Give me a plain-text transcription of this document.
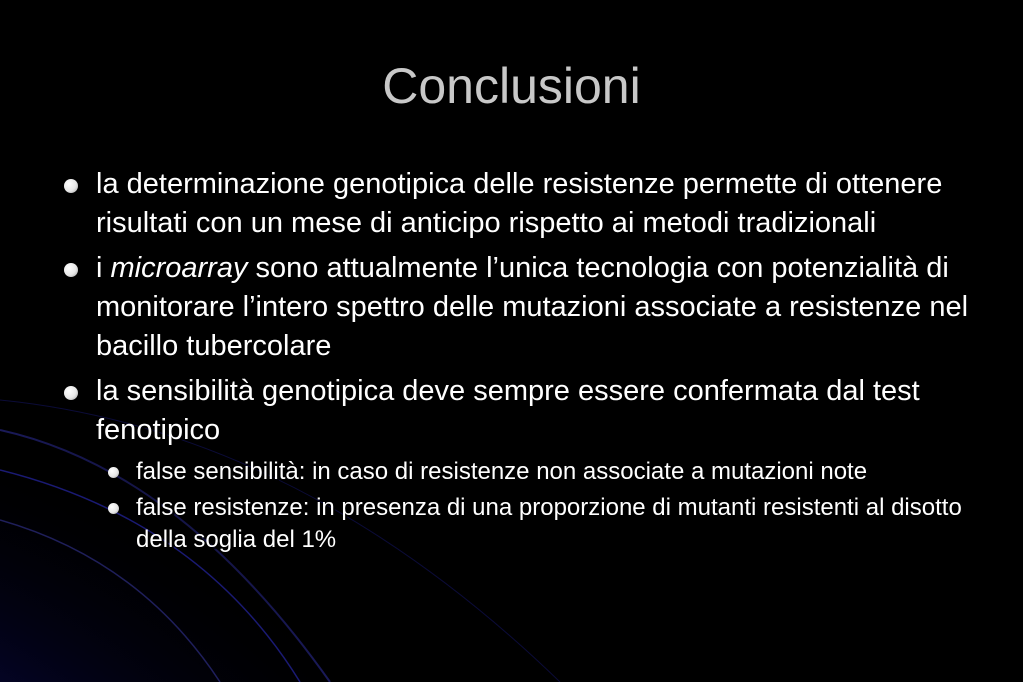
Conclusioni
la determinazione genotipica delle resistenze permette di ottenere risultati con un mese di anticipo rispetto ai metodi tradizionali
i microarray sono attualmente l’unica tecnologia con potenzialità di monitorare l’intero spettro delle mutazioni associate a resistenze nel bacillo tubercolare
la sensibilità genotipica deve sempre essere confermata dal test fenotipico
false sensibilità: in caso di resistenze non associate a mutazioni note
false resistenze: in presenza di una proporzione di mutanti resistenti al disotto della soglia del 1%
